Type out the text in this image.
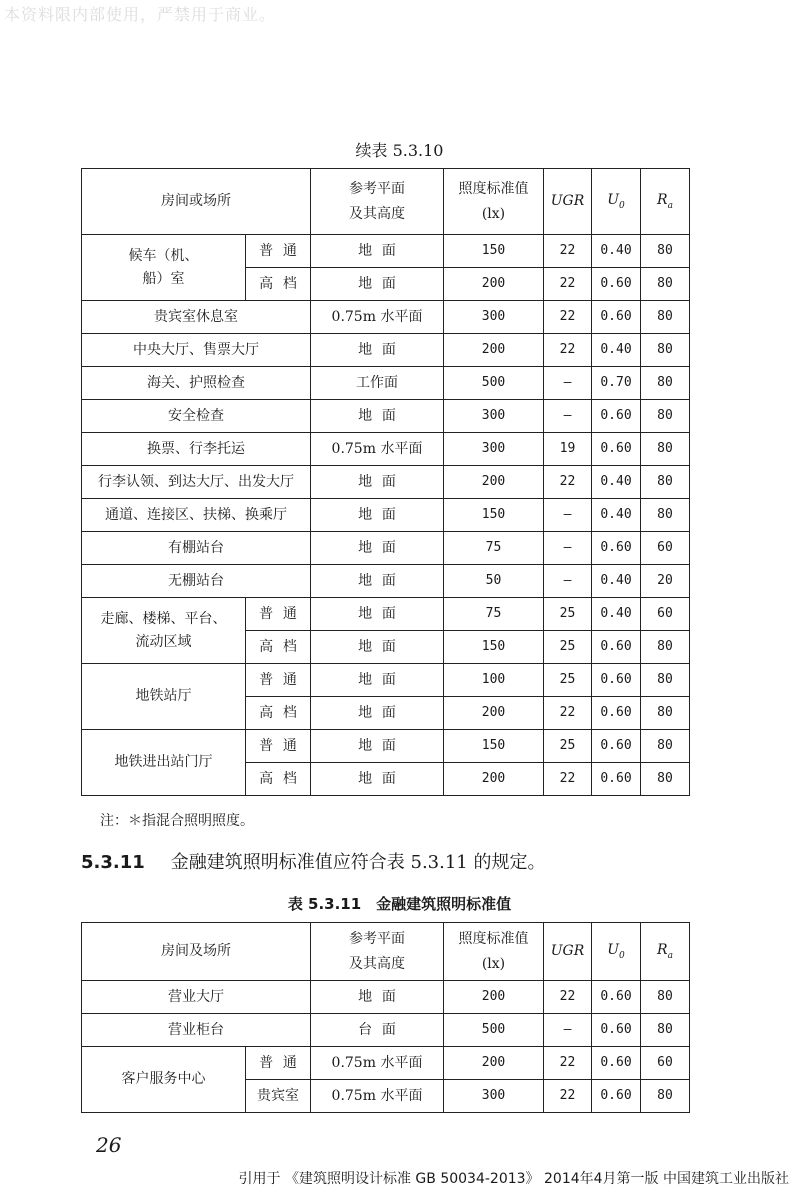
本资料限内部使用，严禁用于商业。
续表 5.3.10
房间或场所		参考平面
及其高度	照度标准值
(lx)	UGR	$U_0$	$R_a$
候车（机、
船）室	普通	地面	150	22	0.40	80
	高档	地面	200	22	0.60	80
贵宾室休息室		0.75m 水平面	300	22	0.60	80
中央大厅、售票大厅		地面	200	22	0.40	80
海关、护照检查		工作面	500	—	0.70	80
安全检查		地面	300	—	0.60	80
换票、行李托运		0.75m 水平面	300	19	0.60	80
行李认领、到达大厅、出发大厅		地面	200	22	0.40	80
通道、连接区、扶梯、换乘厅		地面	150	—	0.40	80
有棚站台		地面	75	—	0.60	60
无棚站台		地面	50	—	0.40	20
走廊、楼梯、平台、
流动区域	普通	地面	75	25	0.40	60
	高档	地面	150	25	0.60	80
地铁站厅	普通	地面	100	25	0.60	80
	高档	地面	200	22	0.60	80
地铁进出站门厅	普通	地面	150	25	0.60	80
	高档	地面	200	22	0.60	80
注：＊指混合照明照度。
5.3.11 金融建筑照明标准值应符合表 5.3.11 的规定。
表 5.3.11　金融建筑照明标准值
房间及场所		参考平面
及其高度	照度标准值
(lx)	UGR	$U_0$	$R_a$
营业大厅		地面	200	22	0.60	80
营业柜台		台面	500	—	0.60	80
客户服务中心	普通	0.75m 水平面	200	22	0.60	60
	贵宾室	0.75m 水平面	300	22	0.60	80
26
引用于 《建筑照明设计标准 GB 50034-2013》 2014年4月第一版 中国建筑工业出版社
